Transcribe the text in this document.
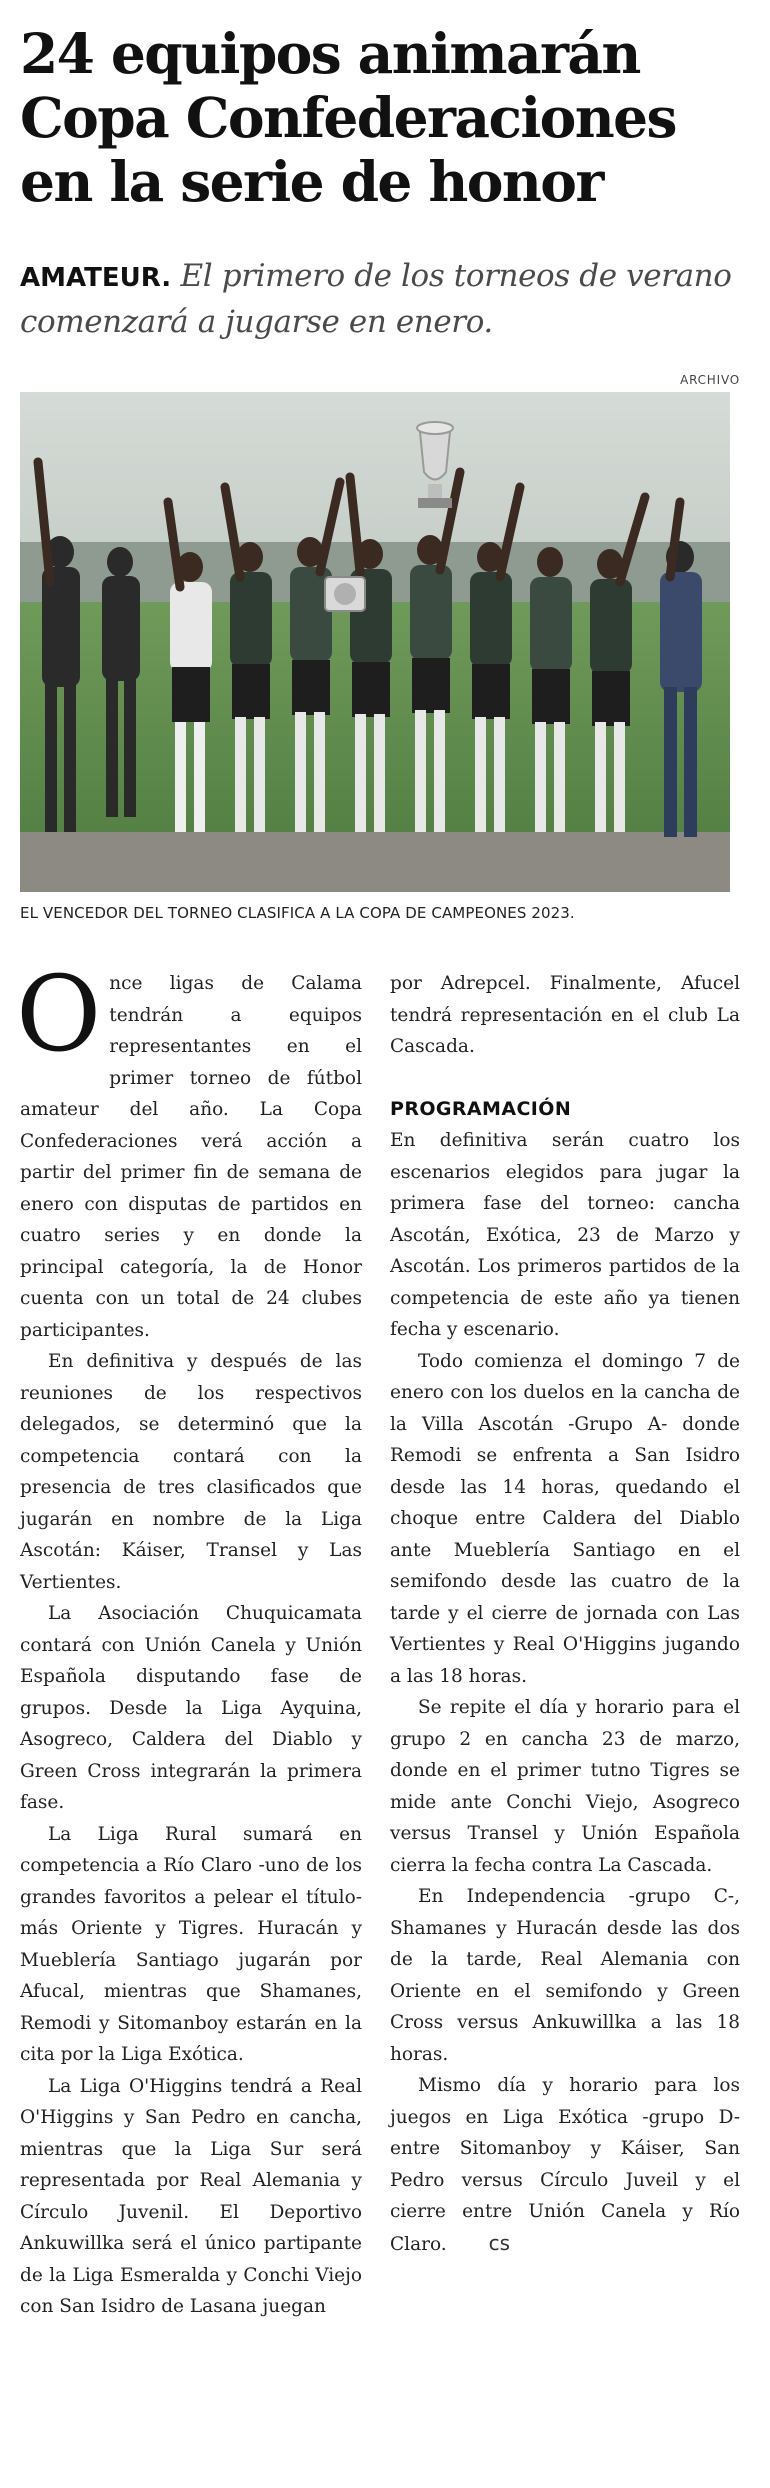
24 equipos animarán
Copa Confederaciones
en la serie de honor

AMATEUR. El primero de los torneos de verano comenzará a jugarse en enero.

ARCHIVO

EL VENCEDOR DEL TORNEO CLASIFICA A LA COPA DE CAMPEONES 2023.

Once ligas de Calama tendrán a equipos representantes en el primer torneo de fútbol amateur del año. La Copa Confederaciones verá acción a partir del primer fin de semana de enero con disputas de partidos en cuatro series y en donde la principal categoría, la de Honor cuenta con un total de 24 clubes participantes.

En definitiva y después de las reuniones de los respectivos delegados, se determinó que la competencia contará con la presencia de tres clasificados que jugarán en nombre de la Liga Ascotán: Káiser, Transel y Las Vertientes.

La Asociación Chuquicamata contará con Unión Canela y Unión Española disputando fase de grupos. Desde la Liga Ayquina, Asogreco, Caldera del Diablo y Green Cross integrarán la primera fase.

La Liga Rural sumará en competencia a Río Claro -uno de los grandes favoritos a pelear el título- más Oriente y Tigres. Huracán y Mueblería Santiago jugarán por Afucal, mientras que Shamanes, Remodi y Sitomanboy estarán en la cita por la Liga Exótica.

La Liga O'Higgins tendrá a Real O'Higgins y San Pedro en cancha, mientras que la Liga Sur será representada por Real Alemania y Círculo Juvenil. El Deportivo Ankuwillka será el único partipante de la Liga Esmeralda y Conchi Viejo con San Isidro de Lasana juegan

por Adrepcel. Finalmente, Afucel tendrá representación en el club La Cascada.

PROGRAMACIÓN

En definitiva serán cuatro los escenarios elegidos para jugar la primera fase del torneo: cancha Ascotán, Exótica, 23 de Marzo y Ascotán. Los primeros partidos de la competencia de este año ya tienen fecha y escenario.

Todo comienza el domingo 7 de enero con los duelos en la cancha de la Villa Ascotán -Grupo A- donde Remodi se enfrenta a San Isidro desde las 14 horas, quedando el choque entre Caldera del Diablo ante Mueblería Santiago en el semifondo desde las cuatro de la tarde y el cierre de jornada con Las Vertientes y Real O'Higgins jugando a las 18 horas.

Se repite el día y horario para el grupo 2 en cancha 23 de marzo, donde en el primer tutno Tigres se mide ante Conchi Viejo, Asogreco versus Transel y Unión Española cierra la fecha contra La Cascada.

En Independencia -grupo C-, Shamanes y Huracán desde las dos de la tarde, Real Alemania con Oriente en el semifondo y Green Cross versus Ankuwillka a las 18 horas.

Mismo día y horario para los juegos en Liga Exótica -grupo D- entre Sitomanboy y Káiser, San Pedro versus Círculo Juveil y el cierre entre Unión Canela y Río Claro. cs
